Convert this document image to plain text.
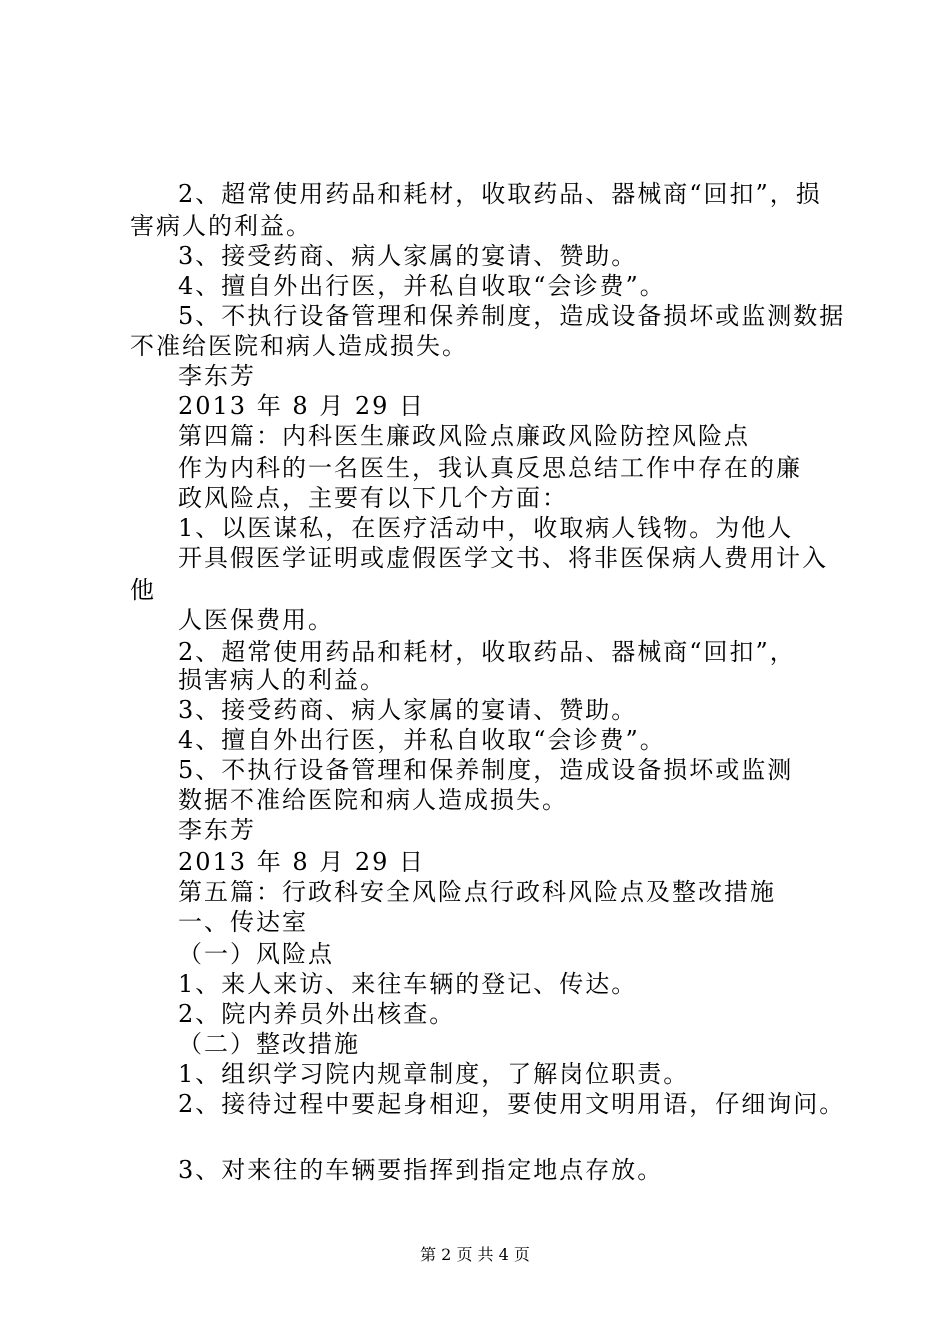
2、超常使用药品和耗材，收取药品、器械商“回扣”，损
害病人的利益。
3、接受药商、病人家属的宴请、赞助。
4、擅自外出行医，并私自收取“会诊费”。
5、不执行设备管理和保养制度，造成设备损坏或监测数据
不准给医院和病人造成损失。
李东芳
2013 年 8 月 29 日
第四篇：内科医生廉政风险点廉政风险防控风险点
作为内科的一名医生，我认真反思总结工作中存在的廉
政风险点，主要有以下几个方面：
1、以医谋私，在医疗活动中，收取病人钱物。为他人
开具假医学证明或虚假医学文书、将非医保病人费用计入
他
人医保费用。
2、超常使用药品和耗材，收取药品、器械商“回扣”，
损害病人的利益。
3、接受药商、病人家属的宴请、赞助。
4、擅自外出行医，并私自收取“会诊费”。
5、不执行设备管理和保养制度，造成设备损坏或监测
数据不准给医院和病人造成损失。
李东芳
2013 年 8 月 29 日
第五篇：行政科安全风险点行政科风险点及整改措施
一、传达室
（一）风险点
1、来人来访、来往车辆的登记、传达。
2、院内养员外出核查。
（二）整改措施
1、组织学习院内规章制度，了解岗位职责。
2、接待过程中要起身相迎，要使用文明用语，仔细询问。
3、对来往的车辆要指挥到指定地点存放。
第 2 页 共 4 页
